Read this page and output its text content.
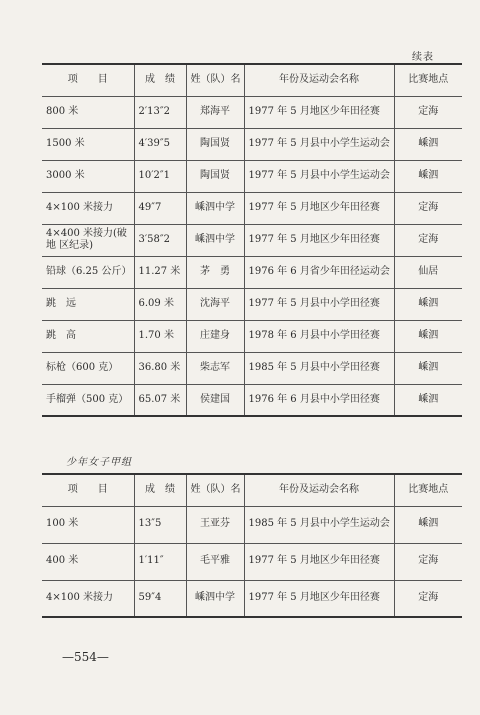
续表
项　　目	成　绩	姓（队）名	年份及运动会名称	比赛地点
800 米	2′13″2	郑海平	1977 年 5 月地区少年田径赛	定海
1500 米	4′39″5	陶国贤	1977 年 5 月县中小学生运动会	嵊泗
3000 米	10′2″1	陶国贤	1977 年 5 月县中小学生运动会	嵊泗
4×100 米接力	49″7	嵊泗中学	1977 年 5 月地区少年田径赛	定海
4×400 米接力(破地 区纪录)	3′58″2	嵊泗中学	1977 年 5 月地区少年田径赛	定海
铅球（6.25 公斤）	11.27 米	茅　勇	1976 年 6 月省少年田径运动会	仙居
跳　远	6.09 米	沈海平	1977 年 5 月县中小学田径赛	嵊泗
跳　高	1.70 米	庄建身	1978 年 6 月县中小学田径赛	嵊泗
标枪（600 克）	36.80 米	柴志军	1985 年 5 月县中小学田径赛	嵊泗
手榴弹（500 克）	65.07 米	侯建国	1976 年 6 月县中小学田径赛	嵊泗
少年女子甲组
项　　目	成　绩	姓（队）名	年份及运动会名称	比赛地点
100 米	13″5	王亚芬	1985 年 5 月县中小学生运动会	嵊泗
400 米	1′11″	毛平雅	1977 年 5 月地区少年田径赛	定海
4×100 米接力	59″4	嵊泗中学	1977 年 5 月地区少年田径赛	定海
—554—
